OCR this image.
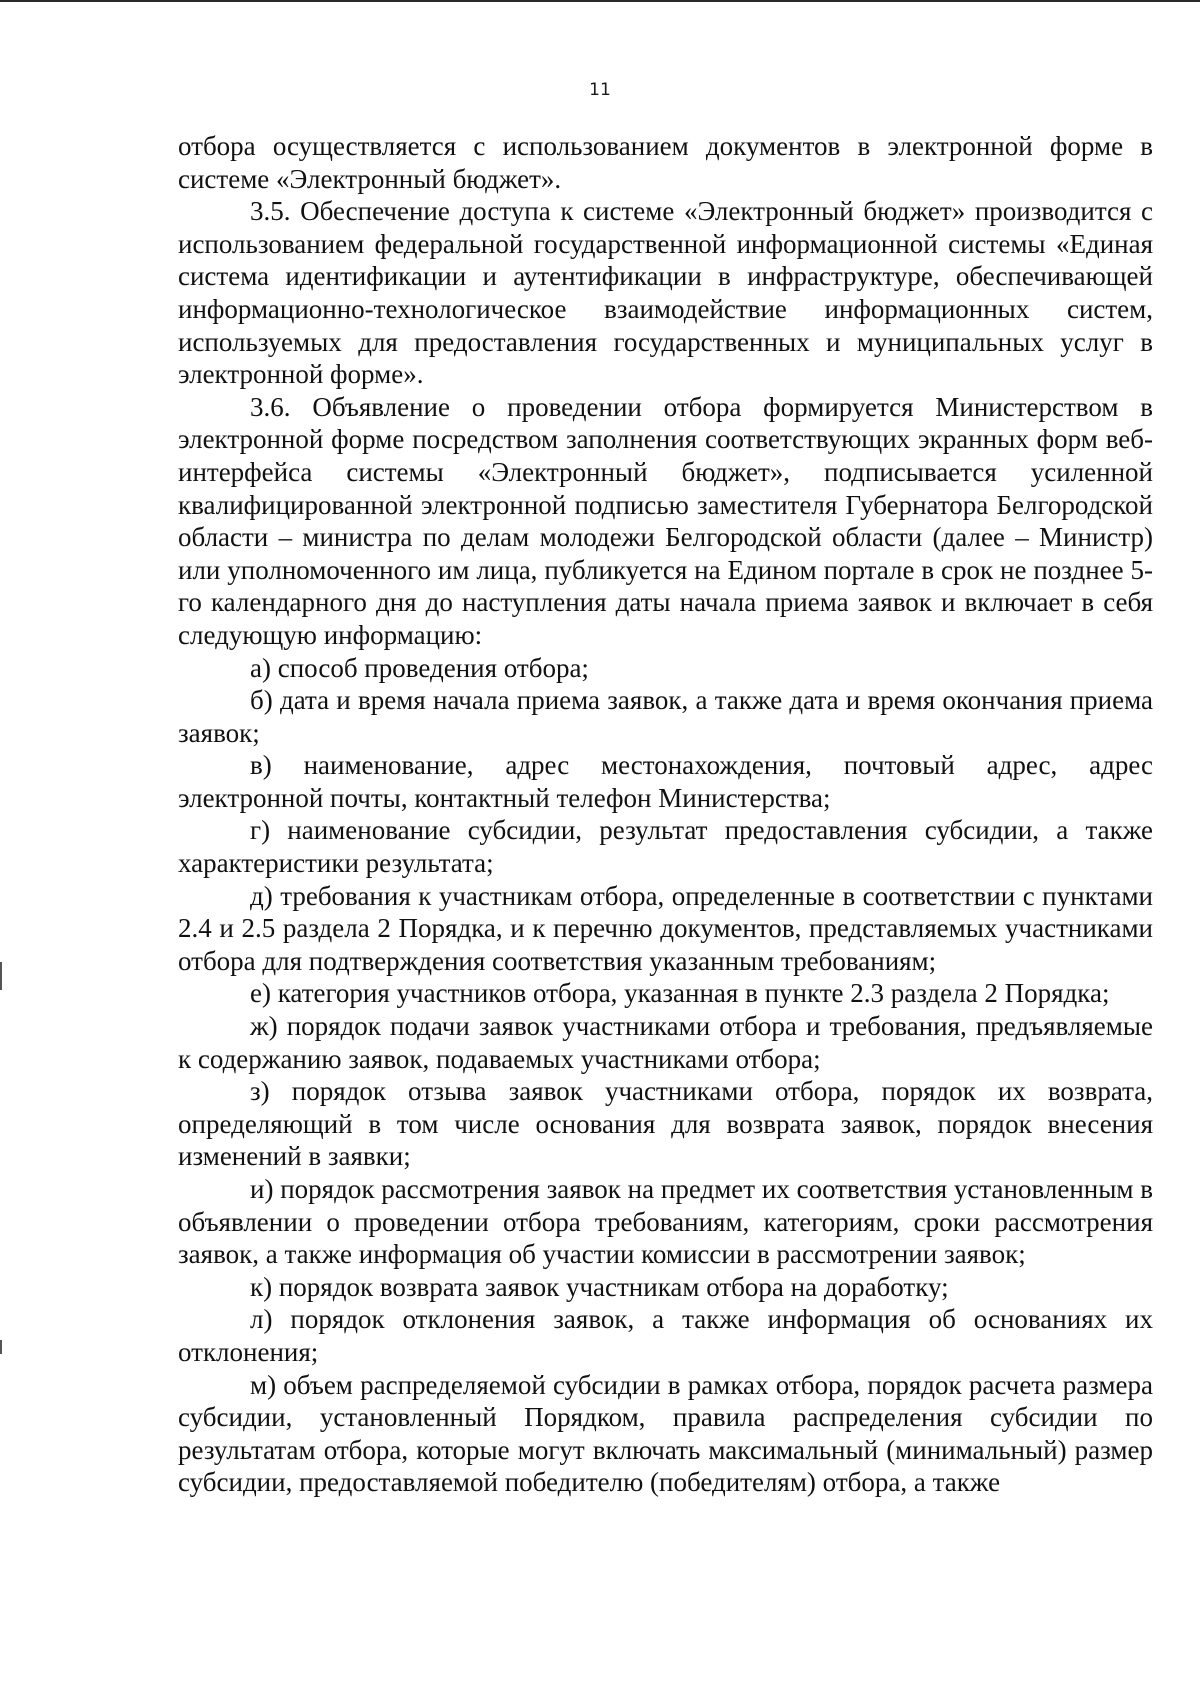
11

отбора осуществляется с использованием документов в электронной форме в системе «Электронный бюджет».

3.5. Обеспечение доступа к системе «Электронный бюджет» производится с использованием федеральной государственной информационной системы «Единая система идентификации и аутентификации в инфраструктуре, обеспечивающей информационно-технологическое взаимодействие информационных систем, используемых для предоставления государственных и муниципальных услуг в электронной форме».

3.6. Объявление о проведении отбора формируется Министерством в электронной форме посредством заполнения соответствующих экранных форм веб-интерфейса системы «Электронный бюджет», подписывается усиленной квалифицированной электронной подписью заместителя Губернатора Белгородской области – министра по делам молодежи Белгородской области (далее – Министр) или уполномоченного им лица, публикуется на Едином портале в срок не позднее 5-го календарного дня до наступления даты начала приема заявок и включает в себя следующую информацию:

а) способ проведения отбора;

б) дата и время начала приема заявок, а также дата и время окончания приема заявок;

в) наименование, адрес местонахождения, почтовый адрес, адрес электронной почты, контактный телефон Министерства;

г) наименование субсидии, результат предоставления субсидии, а также характеристики результата;

д) требования к участникам отбора, определенные в соответствии с пунктами 2.4 и 2.5 раздела 2 Порядка, и к перечню документов, представляемых участниками отбора для подтверждения соответствия указанным требованиям;

е) категория участников отбора, указанная в пункте 2.3 раздела 2 Порядка;

ж) порядок подачи заявок участниками отбора и требования, предъявляемые к содержанию заявок, подаваемых участниками отбора;

з) порядок отзыва заявок участниками отбора, порядок их возврата, определяющий в том числе основания для возврата заявок, порядок внесения изменений в заявки;

и) порядок рассмотрения заявок на предмет их соответствия установленным в объявлении о проведении отбора требованиям, категориям, сроки рассмотрения заявок, а также информация об участии комиссии в рассмотрении заявок;

к) порядок возврата заявок участникам отбора на доработку;

л) порядок отклонения заявок, а также информация об основаниях их отклонения;

м) объем распределяемой субсидии в рамках отбора, порядок расчета размера субсидии, установленный Порядком, правила распределения субсидии по результатам отбора, которые могут включать максимальный (минимальный) размер субсидии, предоставляемой победителю (победителям) отбора, а также
